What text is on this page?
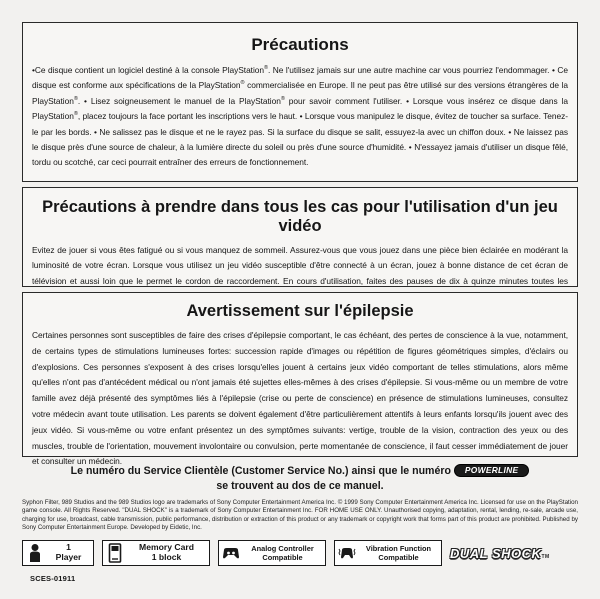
Précautions

•Ce disque contient un logiciel destiné à la console PlayStation®. Ne l'utilisez jamais sur une autre machine car vous pourriez l'endommager. • Ce disque est conforme aux spécifications de la PlayStation® commercialisée en Europe. Il ne peut pas être utilisé sur des versions étrangères de la PlayStation®. • Lisez soigneusement le manuel de la PlayStation® pour savoir comment l'utiliser. • Lorsque vous insérez ce disque dans la PlayStation®, placez toujours la face portant les inscriptions vers le haut. • Lorsque vous manipulez le disque, évitez de toucher sa surface. Tenez-le par les bords. • Ne salissez pas le disque et ne le rayez pas. Si la surface du disque se salit, essuyez-la avec un chiffon doux. • Ne laissez pas le disque près d'une source de chaleur, à la lumière directe du soleil ou près d'une source d'humidité. • N'essayez jamais d'utiliser un disque fêlé, tordu ou scotché, car ceci pourrait entraîner des erreurs de fonctionnement.

Précautions à prendre dans tous les cas pour l'utilisation d'un jeu vidéo

Evitez de jouer si vous êtes fatigué ou si vous manquez de sommeil. Assurez-vous que vous jouez dans une pièce bien éclairée en modérant la luminosité de votre écran. Lorsque vous utilisez un jeu vidéo susceptible d'être connecté à un écran, jouez à bonne distance de cet écran de télévision et aussi loin que le permet le cordon de raccordement. En cours d'utilisation, faites des pauses de dix à quinze minutes toutes les

Avertissement sur l'épilepsie

Certaines personnes sont susceptibles de faire des crises d'épilepsie comportant, le cas échéant, des pertes de conscience à la vue, notamment, de certains types de stimulations lumineuses fortes: succession rapide d'images ou répétition de figures géométriques simples, d'éclairs ou d'explosions. Ces personnes s'exposent à des crises lorsqu'elles jouent à certains jeux vidéo comportant de telles stimulations, alors même qu'elles n'ont pas d'antécédent médical ou n'ont jamais été sujettes elles-mêmes à des crises d'épilepsie. Si vous-même ou un membre de votre famille avez déjà présenté des symptômes liés à l'épilepsie (crise ou perte de conscience) en présence de stimulations lumineuses, consultez votre médecin avant toute utilisation. Les parents se doivent également d'être particulièrement attentifs à leurs enfants lorsqu'ils jouent avec des jeux vidéo. Si vous-même ou votre enfant présentez un des symptômes suivants: vertige, trouble de la vision, contraction des yeux ou des muscles, trouble de l'orientation, mouvement involontaire ou convulsion, perte momentanée de conscience, il faut cesser immédiatement de jouer et consulter un médecin.

Le numéro du Service Clientèle (Customer Service No.) ainsi que le numéro POWERLINE
se trouvent au dos de ce manuel.
Syphon Filter, 989 Studios and the 989 Studios logo are trademarks of Sony Computer Entertainment America Inc. © 1999 Sony Computer Entertainment America Inc. Licensed for use on the PlayStation game console. All Rights Reserved. "DUAL SHOCK" is a trademark of Sony Computer Entertainment Inc. FOR HOME USE ONLY. Unauthorised copying, adaptation, rental, lending, re-sale, arcade use, charging for use, broadcast, cable transmission, public performance, distribution or extraction of this product or any trademark or copyright work that forms part of this product are prohibited. Published by Sony Computer Entertainment Europe. Developed by Eidetic, Inc.
1
Player
Memory Card
1 block
Analog Controller
Compatible
Vibration Function
Compatible	DUAL SHOCKTM
SCES-01911
